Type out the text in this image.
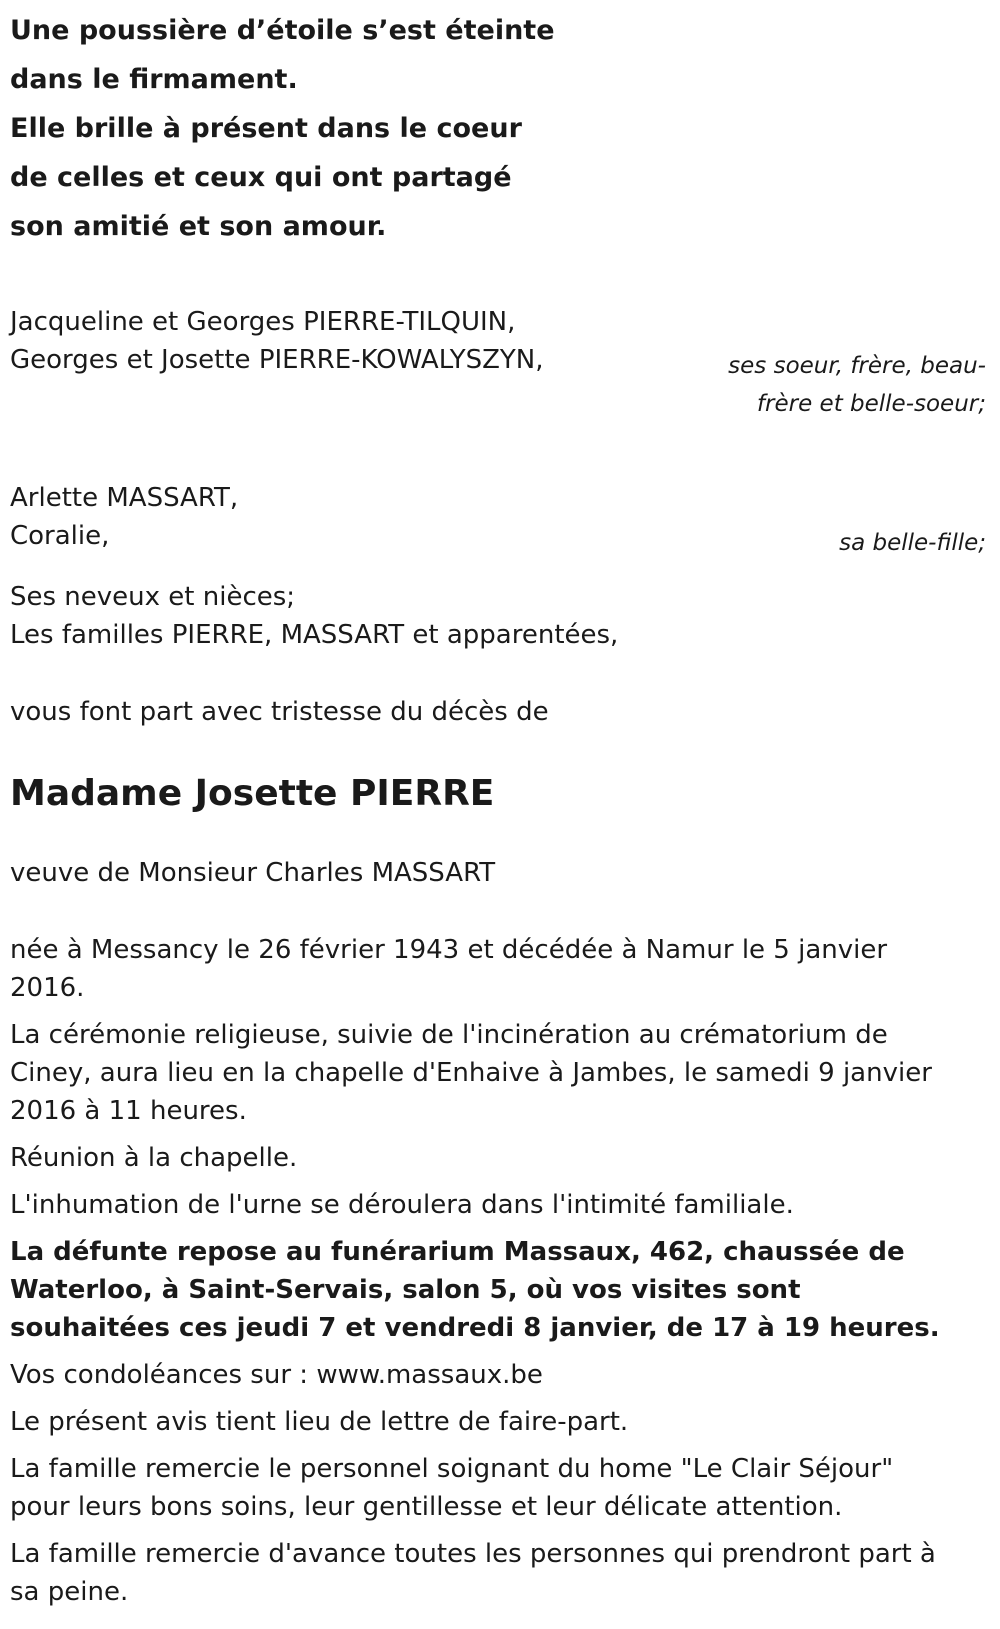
Une poussière d’étoile s’est éteinte
dans le firmament.
Elle brille à présent dans le coeur
de celles et ceux qui ont partagé
son amitié et son amour.
Jacqueline et Georges PIERRE-TILQUIN,
Georges et Josette PIERRE-KOWALYSZYN,	ses soeur, frère, beau-frère et belle-soeur;
Arlette MASSART,
Coralie,	sa belle-fille;
Ses neveux et nièces;
Les familles PIERRE, MASSART et apparentées,
vous font part avec tristesse du décès de
Madame Josette PIERRE
veuve de Monsieur Charles MASSART

née à Messancy le 26 février 1943 et décédée à Namur le 5 janvier 2016.

La cérémonie religieuse, suivie de l'incinération au crématorium de Ciney, aura lieu en la chapelle d'Enhaive à Jambes, le samedi 9 janvier 2016 à 11 heures.

Réunion à la chapelle.

L'inhumation de l'urne se déroulera dans l'intimité familiale.

La défunte repose au funérarium Massaux, 462, chaussée de Waterloo, à Saint-Servais, salon 5, où vos visites sont souhaitées ces jeudi 7 et vendredi 8 janvier, de 17 à 19 heures.

Vos condoléances sur : www.massaux.be

Le présent avis tient lieu de lettre de faire-part.

La famille remercie le personnel soignant du home "Le Clair Séjour" pour leurs bons soins, leur gentillesse et leur délicate attention.

La famille remercie d'avance toutes les personnes qui prendront part à sa peine.
